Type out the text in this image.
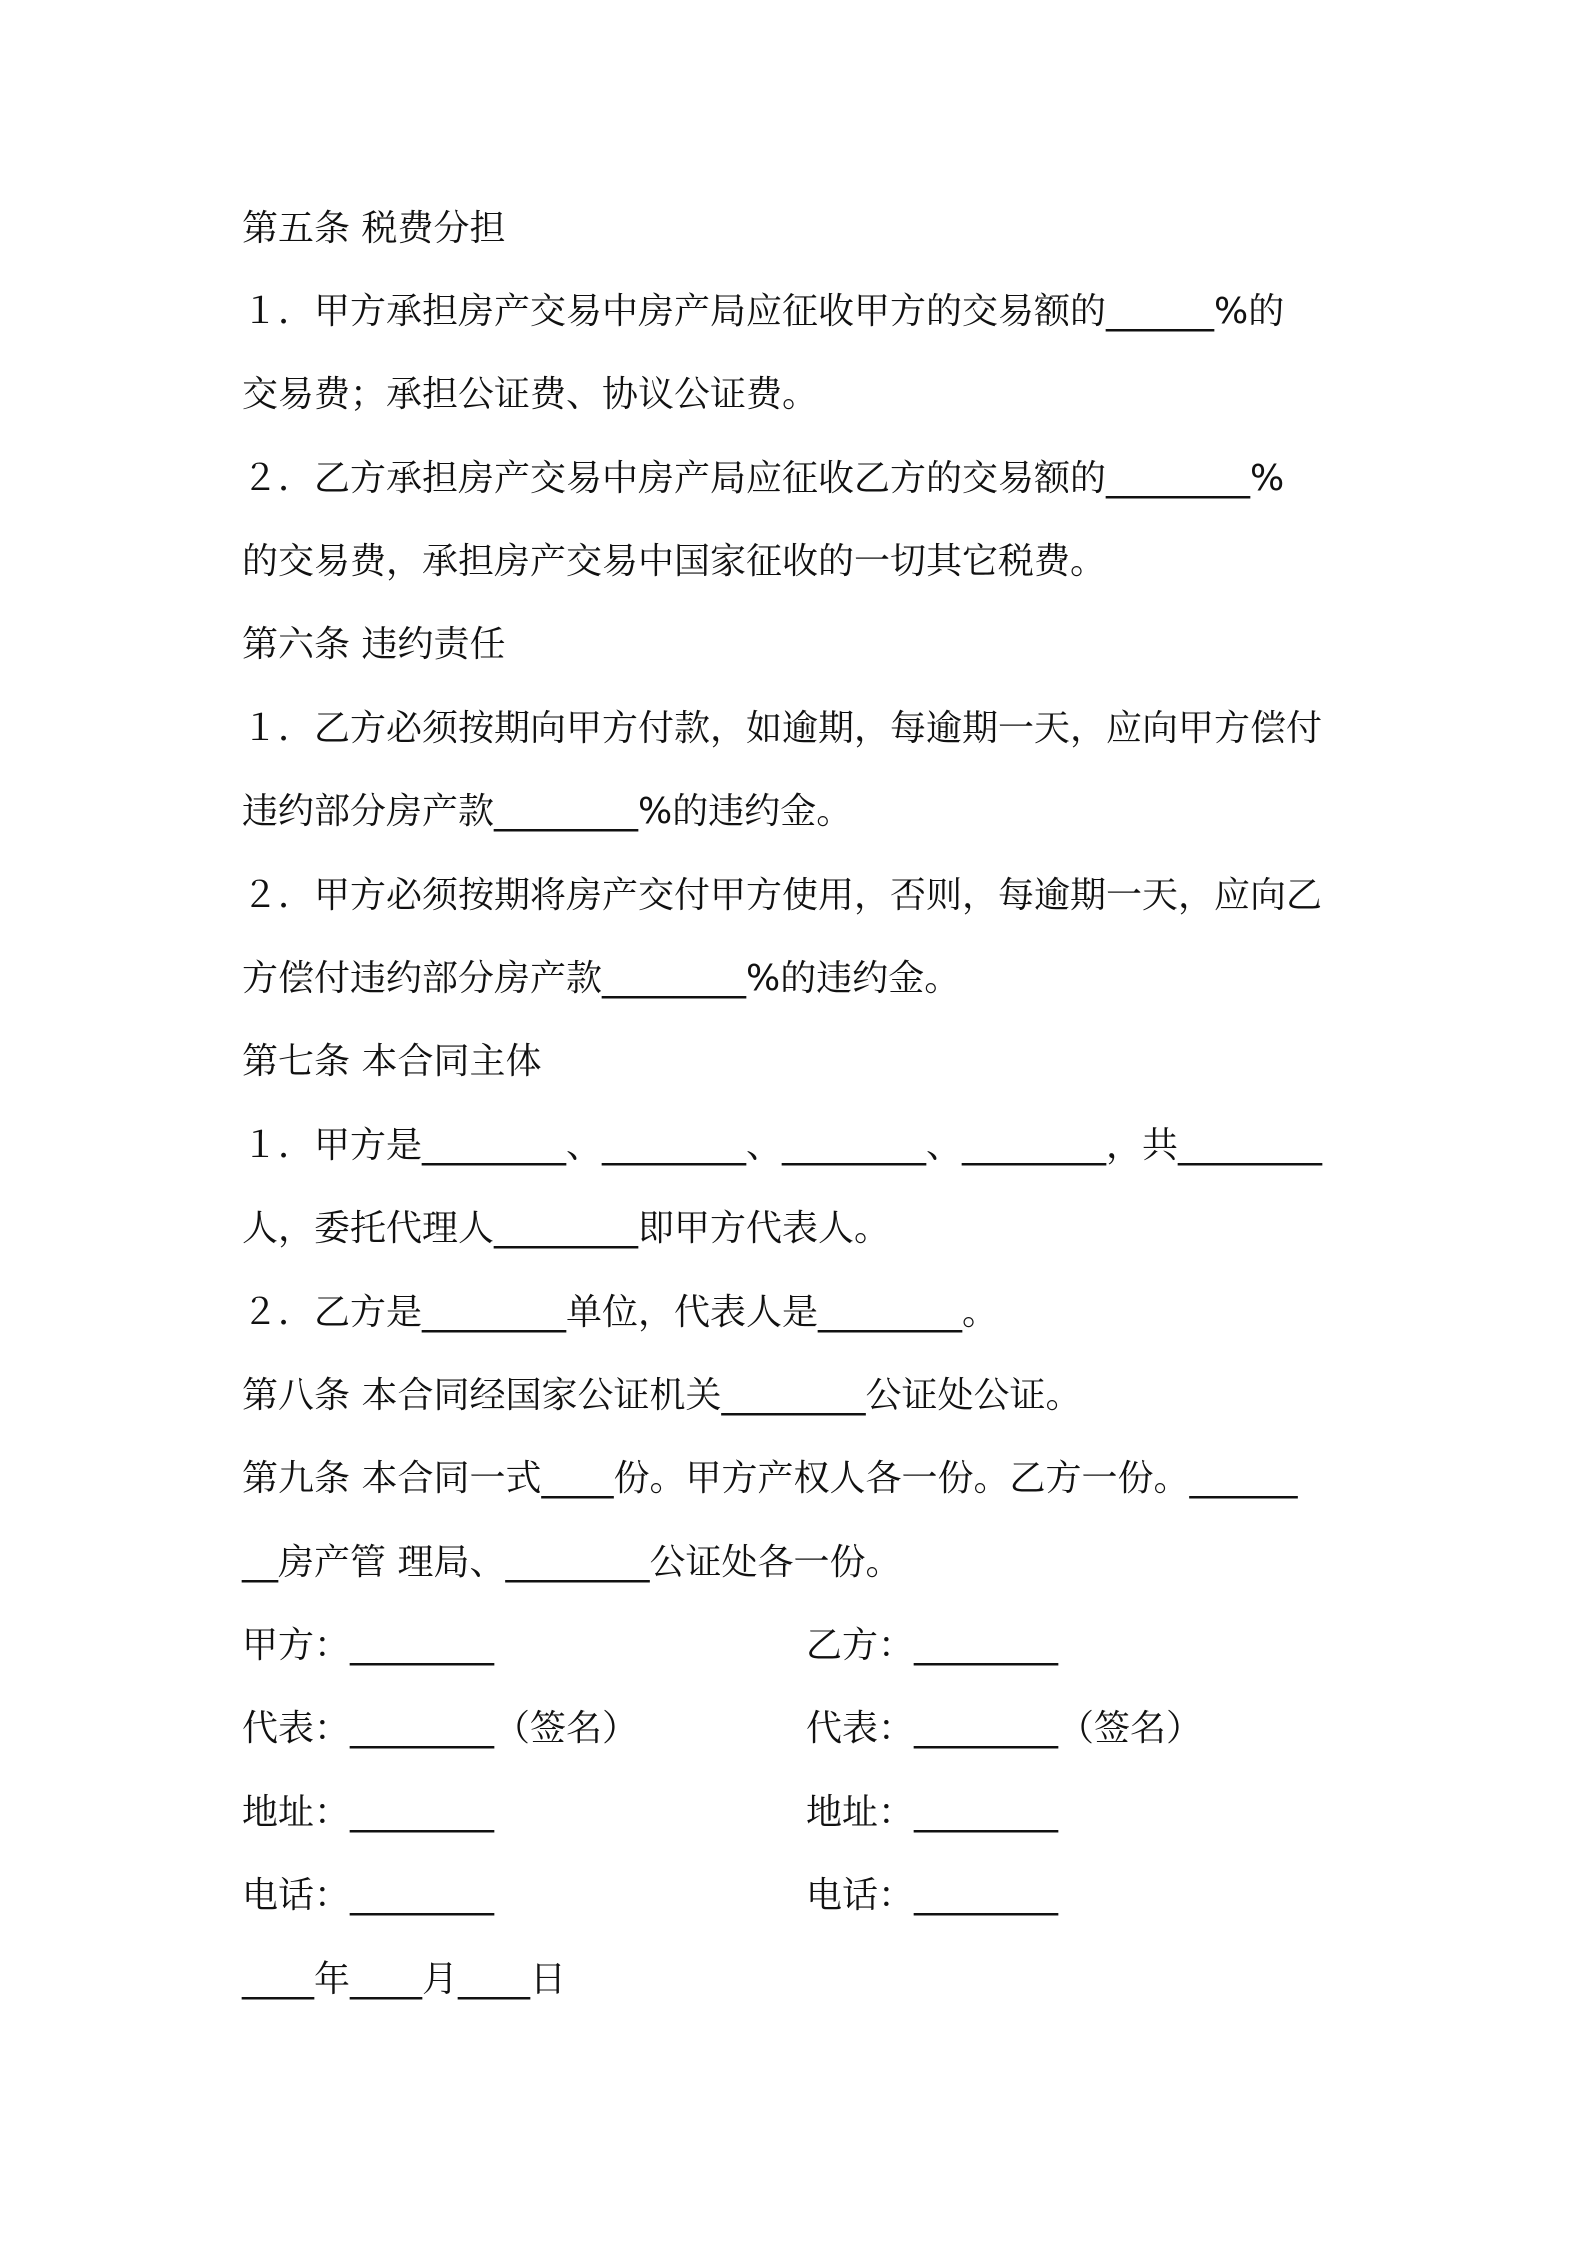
第五条 税费分担
１．甲方承担房产交易中房产局应征收甲方的交易额的______%的
交易费；承担公证费、协议公证费。
２．乙方承担房产交易中房产局应征收乙方的交易额的________%
的交易费，承担房产交易中国家征收的一切其它税费。
第六条 违约责任
１．乙方必须按期向甲方付款，如逾期，每逾期一天，应向甲方偿付
违约部分房产款________%的违约金。
２．甲方必须按期将房产交付甲方使用，否则，每逾期一天，应向乙
方偿付违约部分房产款________%的违约金。
第七条 本合同主体
１．甲方是________、________、________、________，共________
人，委托代理人________即甲方代表人。
２．乙方是________单位，代表人是________。
第八条 本合同经国家公证机关________公证处公证。
第九条 本合同一式____份。甲方产权人各一份。乙方一份。______
__房产管 理局、________公证处各一份。
甲方：________	乙方：________
代表：________（签名）	代表：________（签名）
地址：________	地址：________
电话：________	电话：________
____年____月____日
